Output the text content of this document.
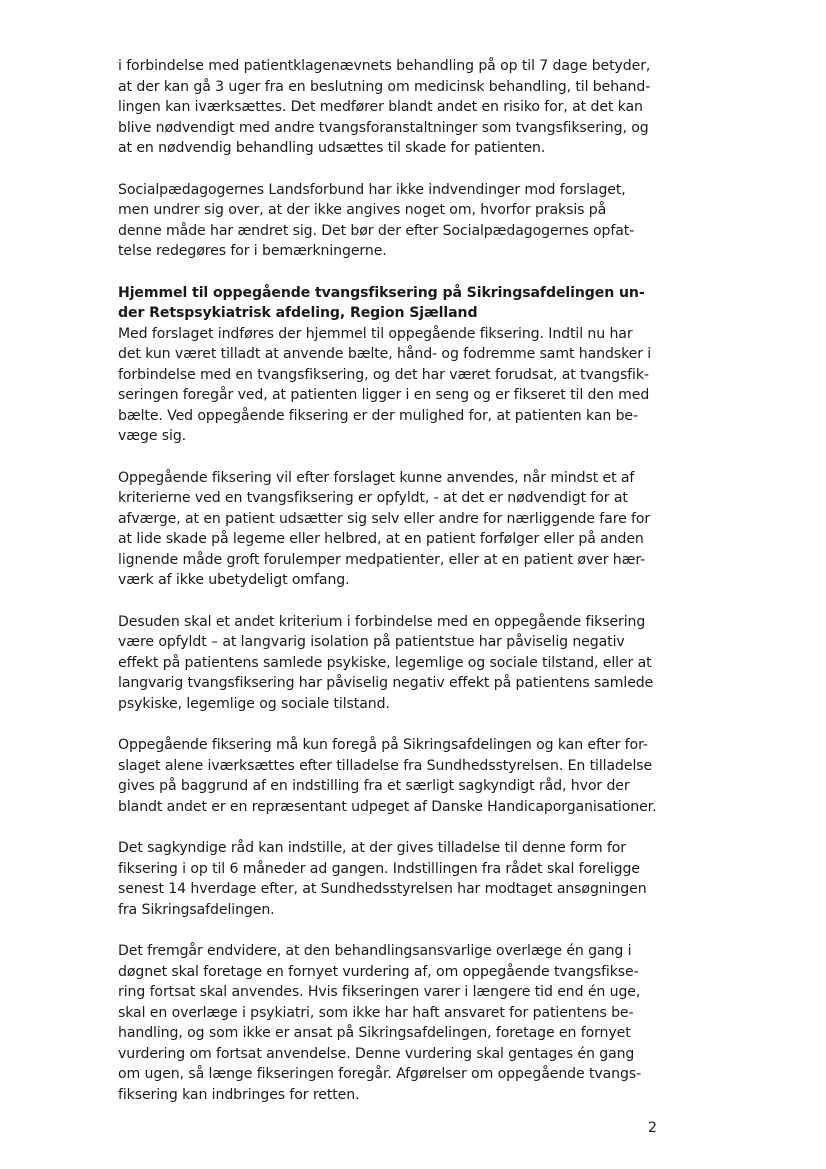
i forbindelse med patientklagenævnets behandling på op til 7 dage betyder,
at der kan gå 3 uger fra en beslutning om medicinsk behandling, til behand-
lingen kan iværksættes. Det medfører blandt andet en risiko for, at det kan
blive nødvendigt med andre tvangsforanstaltninger som tvangsfiksering, og
at en nødvendig behandling udsættes til skade for patienten.

Socialpædagogernes Landsforbund har ikke indvendinger mod forslaget,
men undrer sig over, at der ikke angives noget om, hvorfor praksis på
denne måde har ændret sig. Det bør der efter Socialpædagogernes opfat-
telse redegøres for i bemærkningerne.

Hjemmel til oppegående tvangsfiksering på Sikringsafdelingen un-
der Retspsykiatrisk afdeling, Region Sjælland

Med forslaget indføres der hjemmel til oppegående fiksering. Indtil nu har
det kun været tilladt at anvende bælte, hånd- og fodremme samt handsker i
forbindelse med en tvangsfiksering, og det har været forudsat, at tvangsfik-
seringen foregår ved, at patienten ligger i en seng og er fikseret til den med
bælte. Ved oppegående fiksering er der mulighed for, at patienten kan be-
væge sig.

Oppegående fiksering vil efter forslaget kunne anvendes, når mindst et af
kriterierne ved en tvangsfiksering er opfyldt, - at det er nødvendigt for at
afværge, at en patient udsætter sig selv eller andre for nærliggende fare for
at lide skade på legeme eller helbred, at en patient forfølger eller på anden
lignende måde groft forulemper medpatienter, eller at en patient øver hær-
værk af ikke ubetydeligt omfang.

Desuden skal et andet kriterium i forbindelse med en oppegående fiksering
være opfyldt – at langvarig isolation på patientstue har påviselig negativ
effekt på patientens samlede psykiske, legemlige og sociale tilstand, eller at
langvarig tvangsfiksering har påviselig negativ effekt på patientens samlede
psykiske, legemlige og sociale tilstand.

Oppegående fiksering må kun foregå på Sikringsafdelingen og kan efter for-
slaget alene iværksættes efter tilladelse fra Sundhedsstyrelsen. En tilladelse
gives på baggrund af en indstilling fra et særligt sagkyndigt råd, hvor der
blandt andet er en repræsentant udpeget af Danske Handicaporganisationer.

Det sagkyndige råd kan indstille, at der gives tilladelse til denne form for
fiksering i op til 6 måneder ad gangen. Indstillingen fra rådet skal foreligge
senest 14 hverdage efter, at Sundhedsstyrelsen har modtaget ansøgningen
fra Sikringsafdelingen.

Det fremgår endvidere, at den behandlingsansvarlige overlæge én gang i
døgnet skal foretage en fornyet vurdering af, om oppegående tvangsfikse-
ring fortsat skal anvendes. Hvis fikseringen varer i længere tid end én uge,
skal en overlæge i psykiatri, som ikke har haft ansvaret for patientens be-
handling, og som ikke er ansat på Sikringsafdelingen, foretage en fornyet
vurdering om fortsat anvendelse. Denne vurdering skal gentages én gang
om ugen, så længe fikseringen foregår. Afgørelser om oppegående tvangs-
fiksering kan indbringes for retten.

2
